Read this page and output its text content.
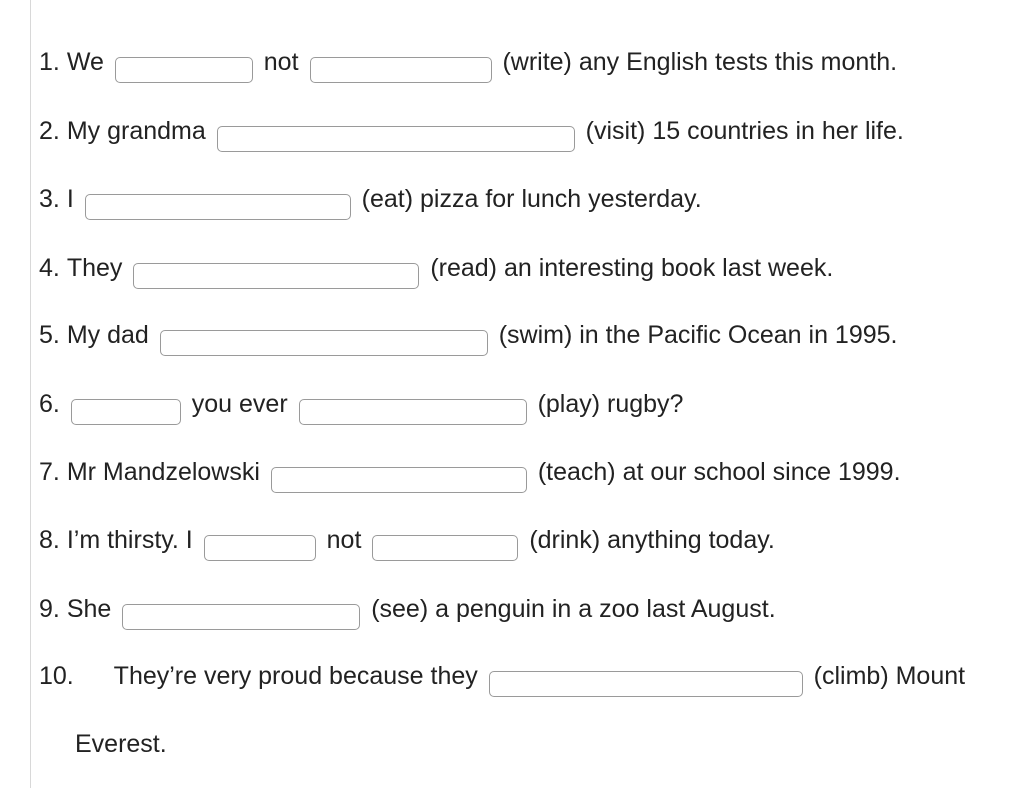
1. We	not	(write) any English tests this month.
2. My grandma	(visit) 15 countries in her life.
3. I	(eat) pizza for lunch yesterday.
4. They	(read) an interesting book last week.
5. My dad	(swim) in the Pacific Ocean in 1995.
6.	you ever	(play) rugby?
7. Mr Mandzelowski	(teach) at our school since 1999.
8. I’m thirsty. I	not	(drink) anything today.
9. She	(see) a penguin in a zoo last August.
10. They’re very proud because they	(climb) Mount
Everest.
